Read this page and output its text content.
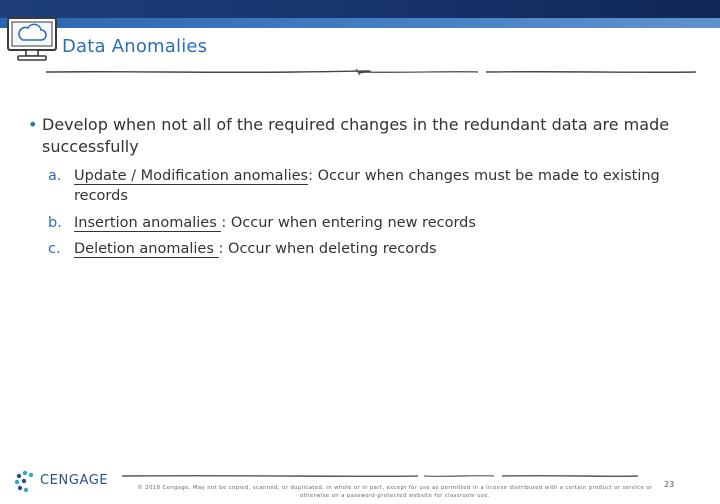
Data Anomalies
• Develop when not all of the required changes in the redundant data are made successfully
a. Update / Modification anomalies: Occur when changes must be made to existing records
b. Insertion anomalies : Occur when entering new records
c. Deletion anomalies : Occur when deleting records
CENGAGE	© 2018 Cengage. May not be copied, scanned, or duplicated, in whole or in part, except for use as permitted in a license distributed with a certain product or service or otherwise on a password-protected website for classroom use.
23
